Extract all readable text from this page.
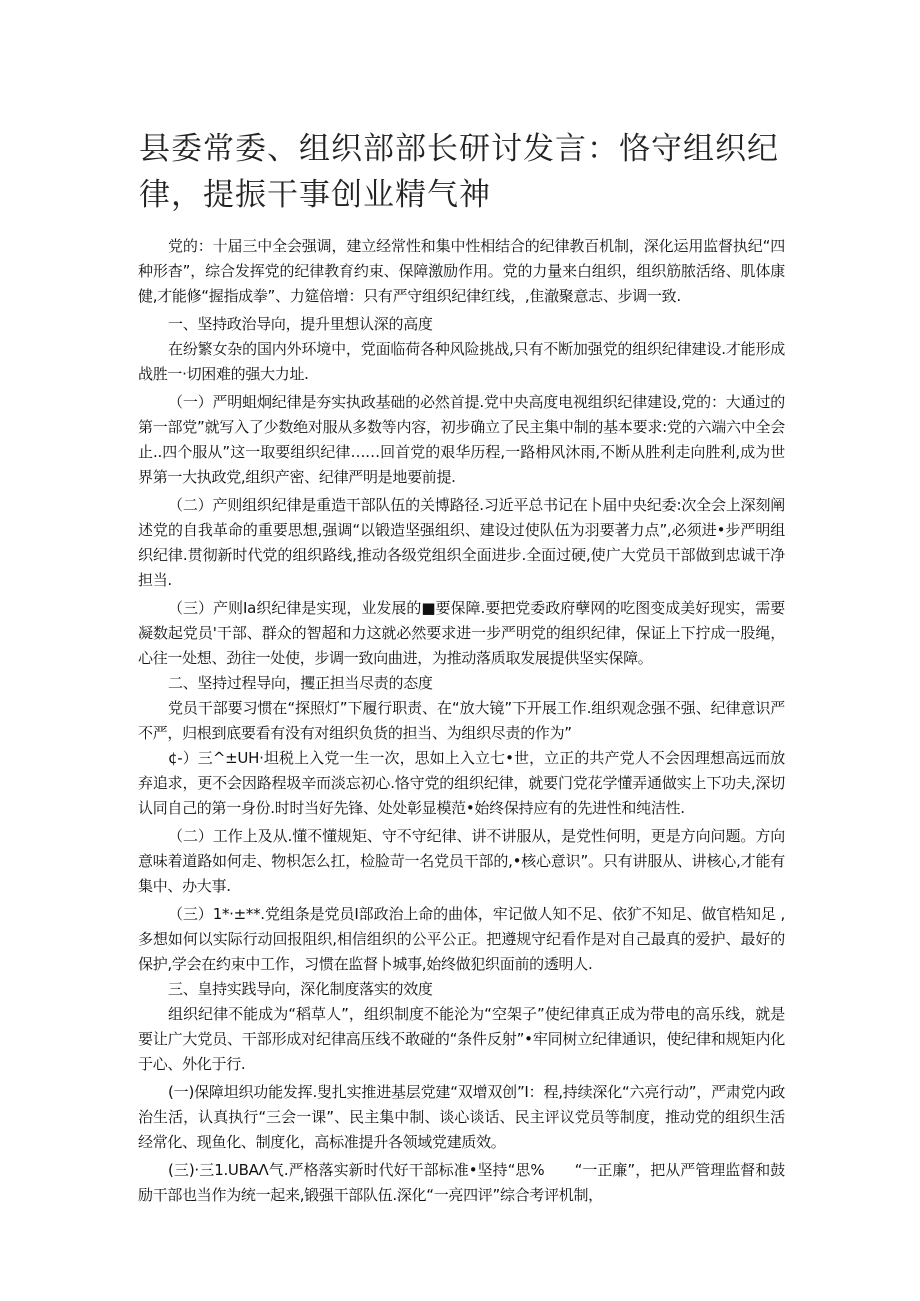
县委常委、组织部部长研讨发言：恪守组织纪律，提振干事创业精气神

党的：十届三中全会强调，建立经常性和集中性相结合的纪律教百机制，深化运用监督执纪“四种形杳”，综合发挥党的纪律教育约束、保障激励作用。党的力量来白组织，组织筋脓活络、肌体康健,才能修“握指成拳”、力筵倍增：只有严守组织纪律红线，,隹澈聚意志、步调一致.

一、坚持政治导向，提升里想认深的高度

在纷繁女杂的国内外环境中，党面临荷各种风险挑战,只有不断加强党的组织纪律建设.才能形成战胜一·切困难的强大力址.

（一）严明蛆炯纪律是夯实执政基础的必然首提.党中央高度电视组织纪律建设,党的：大通过的第一部党”就写入了少数绝对服从多数等内容，初步确立了民主集中制的基本要求:党的六端六中全会止..四个服从”这一取要组织纪律……回首党的艰华历程,一路枏风沐雨,不断从胜利走向胜利,成为世界第一大执政党,组织产密、纪律严明是地要前提.

（二）产则组织纪律是重造干部队伍的关博路径.习近平总书记在卜届中央纪委:次全会上深刻阐述党的自我革命的重要思想,强调“以锻造坚强组织、建设过使队伍为羽要著力点”,必须进•步严明组织纪律.贯彻新时代党的组织路线,推动各级党组织全面进步.全面过硬,使广大党员干部做到忠诚干净担当.

（三）产则Ia织纪律是实现，业发展的■要保障.要把党委政府孽网的吃图变成美好现实，需要凝数起党员'干部、群众的智超和力这就必然要求进一步严明党的组织纪律，保证上下拧成一股绳，心往一处想、劲往一处使，步调一致向曲进，为推动落质取发展提供坚实保障。

二、坚持过程导向，攫正担当尽责的态度

党员干部要习惯在“探照灯”下履行职责、在“放大镜”下开展工作.组织观念强不强、纪律意识严不严，归根到底要看有没有对组织负货的担当、为组织尽责的作为”

¢-）三^±UH·坦税上入党一生一次，思如上入立七•世，立正的共产党人不会因理想高远而放弃追求，更不会因路程圾辛而淡忘初心.恪守党的组织纪律，就要门党花学懂弄通做实上下功夫,深切认同自己的第一身份.时时当好先锋、处处彰显模范•始终保持应有的先进性和纯洁性.

（二）工作上及从.懂不懂规矩、守不守纪律、讲不讲服从，是党性何明，更是方向问题。方向意味着道路如何走、物枳怎么扛，检脸苛一名党员干部的,•核心意识”。只有讲服从、讲核心,才能有集中、办大事.

（三）1*·±**.党组条是党员I部政治上命的曲体，牢记做人知不足、依犷不知足、做官梏知足 ,多想如何以实际行动回报阻织,相信组织的公平公正。把遵规守纪看作是对自己最真的爱护、最好的保护,学会在约束中工作，习惯在监督卜城事,始终做犯织面前的透明人.

三、皇持实践导向，深化制度落实的效度

组织纪律不能成为“稻草人”，组织制度不能沦为“空架子”使纪律真正成为带电的高乐线，就是要让广大党员、干部形成对纪律高压线不敢碰的“条件反射”•牢同树立纪律通识，使纪律和规矩内化于心、外化于行.

(一)保障坦织功能发挥.叟扎实推进基层党建“双增双创”I：程,持续深化“六亮行动”，严肃党内政治生活，认真执行“三会一课”、民主集中制、谈心谈话、民主评议党员等制度，推动党的组织生活经常化、现鱼化、制度化，高标准提升各领域党建质效。

(三)·三1.UBAΛ气.严格落实新时代好干部标准•坚持“思%　　“一正廉”，把从严管理监督和鼓励干部也当作为统一起来,锻强干部队伍.深化“一亮四评”综合考评机制，
